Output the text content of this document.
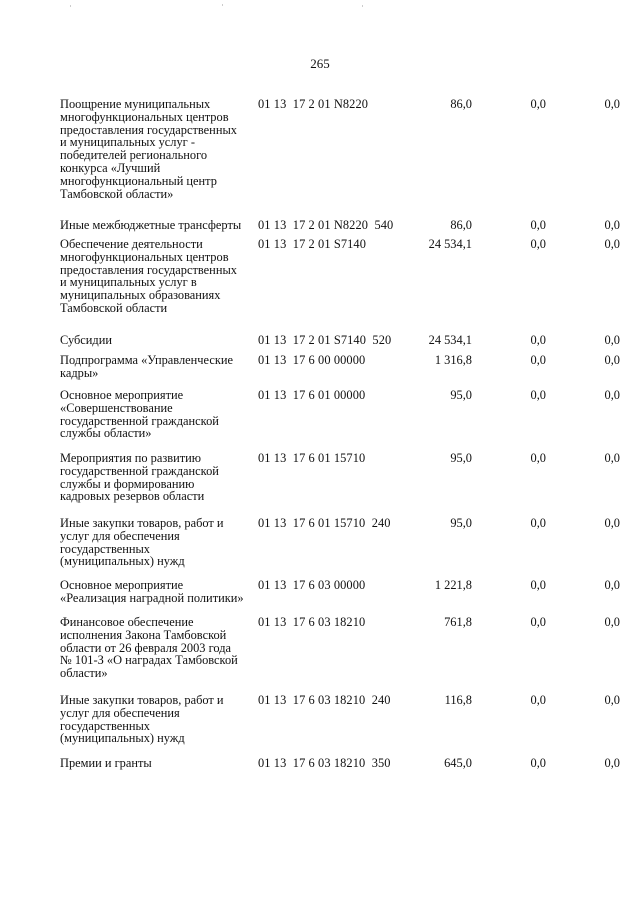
265
Поощрение муниципальных
многофункциональных центров
предоставления государственных
и муниципальных услуг -
победителей регионального
конкурса «Лучший
многофункциональный центр
Тамбовской области»
01 13  17 2 01 N8220	86,0	0,0	0,0
Иные межбюджетные трансферты	01 13  17 2 01 N8220  540	86,0	0,0	0,0
Обеспечение деятельности
многофункциональных центров
предоставления государственных
и муниципальных услуг в
муниципальных образованиях
Тамбовской области
01 13  17 2 01 S7140	24 534,1	0,0	0,0
Субсидии	01 13  17 2 01 S7140  520	24 534,1	0,0	0,0
Подпрограмма «Управленческие
кадры»
01 13  17 6 00 00000	1 316,8	0,0	0,0
Основное мероприятие
«Совершенствование
государственной гражданской
службы области»
01 13  17 6 01 00000	95,0	0,0	0,0
Мероприятия по развитию
государственной гражданской
службы и формированию
кадровых резервов области
01 13  17 6 01 15710	95,0	0,0	0,0
Иные закупки товаров, работ и
услуг для обеспечения
государственных
(муниципальных) нужд
01 13  17 6 01 15710  240	95,0	0,0	0,0
Основное мероприятие
«Реализация наградной политики»
01 13  17 6 03 00000	1 221,8	0,0	0,0
Финансовое обеспечение
исполнения Закона Тамбовской
области от 26 февраля 2003 года
№ 101-З «О наградах Тамбовской
области»
01 13  17 6 03 18210	761,8	0,0	0,0
Иные закупки товаров, работ и
услуг для обеспечения
государственных
(муниципальных) нужд
01 13  17 6 03 18210  240	116,8	0,0	0,0
Премии и гранты	01 13  17 6 03 18210  350	645,0	0,0	0,0
